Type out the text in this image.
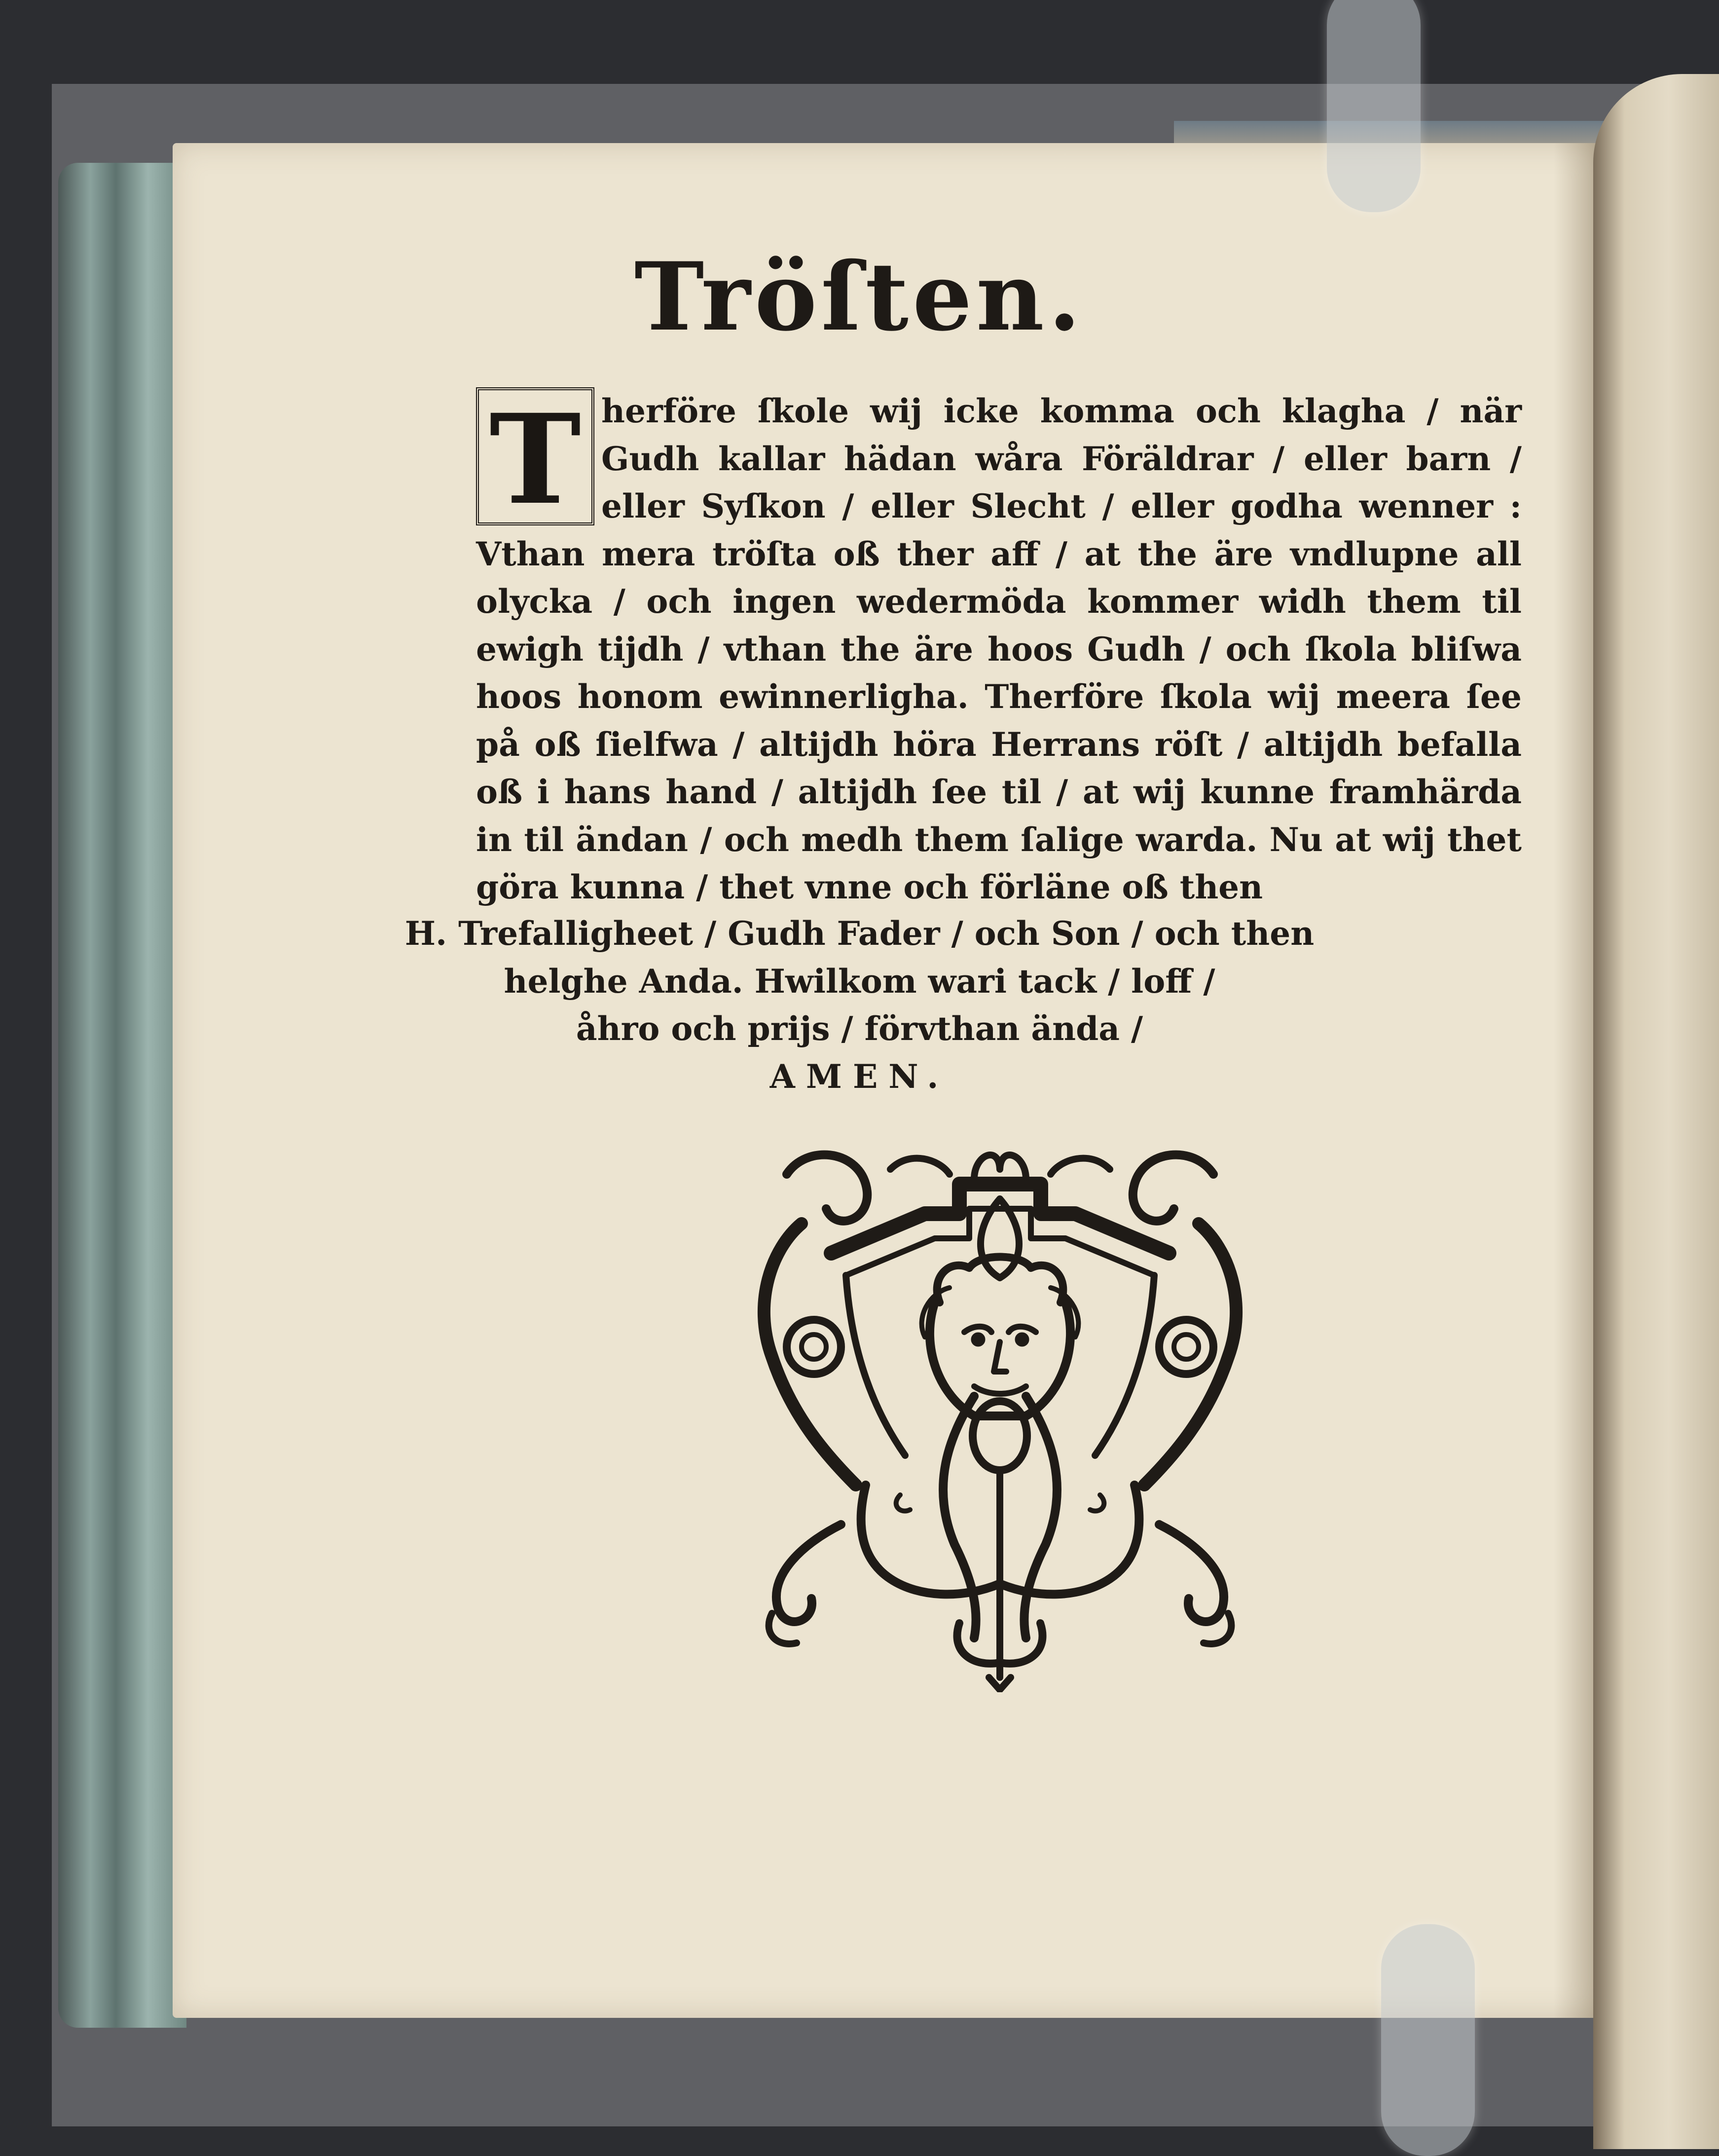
Tröſten.
T herföre ſkole wij icke komma och klagha / när Gudh kallar hädan wåra Föräldrar / eller barn / eller Syſkon / eller Slecht / eller godha wenner : Vthan mera tröſta oß ther aff / at the äre vndlupne all olycka / och ingen wedermöda kommer widh them til ewigh tijdh / vthan the äre hoos Gudh / och ſkola bliſwa hoos honom ewinnerligha. Therföre ſkola wij meera ſee på oß ſielfwa / altijdh höra Herrans röſt / altijdh befalla oß i hans hand / altijdh ſee til / at wij kunne framhärda in til ändan / och medh them ſalige warda. Nu at wij thet göra kunna / thet vnne och förläne oß then
H. Trefalligheet / Gudh Fader / och Son / och then
helghe Anda. Hwilkom wari tack / loff /
åhro och prijs / förvthan ända /
AMEN.
